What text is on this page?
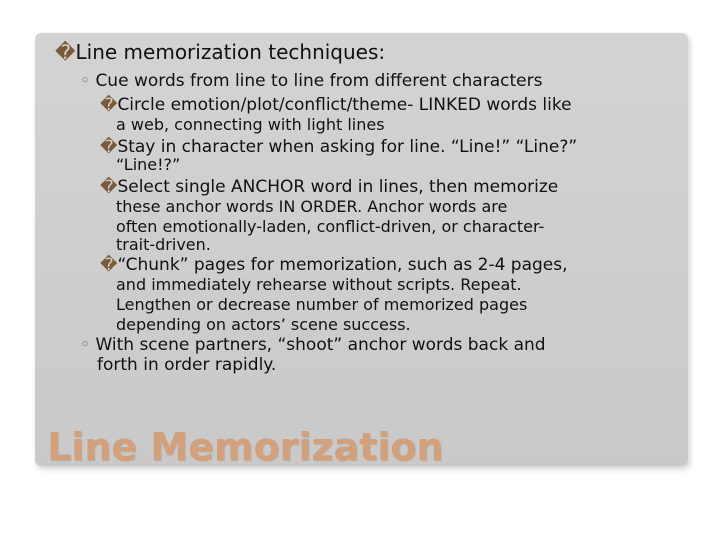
�Line memorization techniques:
◦ Cue words from line to line from different characters
�Circle emotion/plot/conflict/theme- LINKED words like
a web, connecting with light lines
�Stay in character when asking for line. “Line!” “Line?”
“Line!?”
�Select single ANCHOR word in lines, then memorize
these anchor words IN ORDER. Anchor words are
often emotionally-laden, conflict-driven, or character-
trait-driven.
�“Chunk” pages for memorization, such as 2-4 pages,
and immediately rehearse without scripts. Repeat.
Lengthen or decrease number of memorized pages
depending on actors’ scene success.
◦ With scene partners, “shoot” anchor words back and
forth in order rapidly.
Line Memorization
